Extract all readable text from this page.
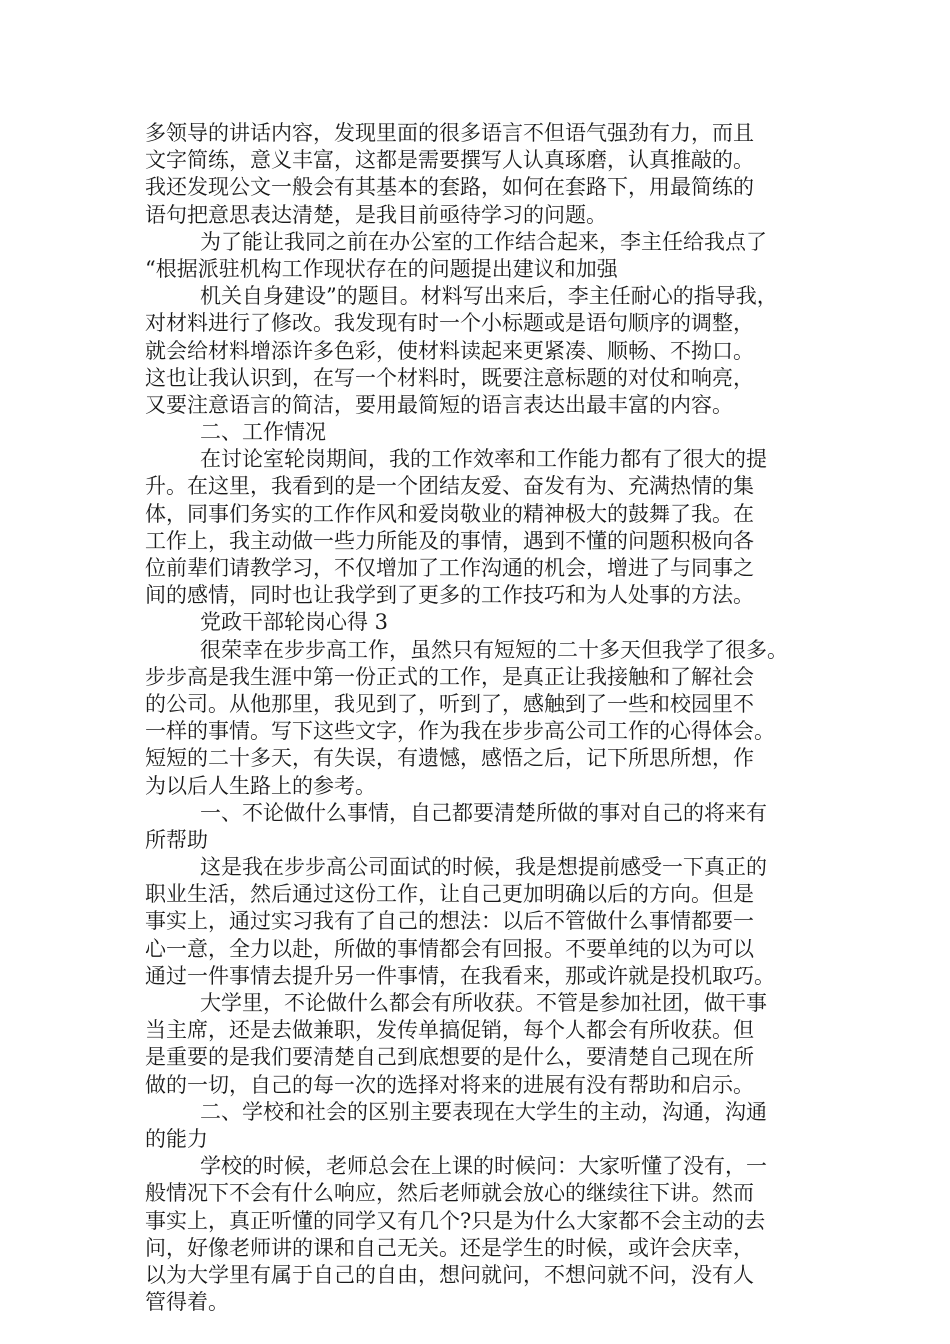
多领导的讲话内容，发现里面的很多语言不但语气强劲有力，而且
文字简练，意义丰富，这都是需要撰写人认真琢磨，认真推敲的。
我还发现公文一般会有其基本的套路，如何在套路下，用最简练的
语句把意思表达清楚，是我目前亟待学习的问题。
为了能让我同之前在办公室的工作结合起来，李主任给我点了
“根据派驻机构工作现状存在的问题提出建议和加强
机关自身建设”的题目。材料写出来后，李主任耐心的指导我，
对材料进行了修改。我发现有时一个小标题或是语句顺序的调整，
就会给材料增添许多色彩，使材料读起来更紧凑、顺畅、不拗口。
这也让我认识到，在写一个材料时，既要注意标题的对仗和响亮，
又要注意语言的简洁，要用最简短的语言表达出最丰富的内容。
二、工作情况
在讨论室轮岗期间，我的工作效率和工作能力都有了很大的提
升。在这里，我看到的是一个团结友爱、奋发有为、充满热情的集
体，同事们务实的工作作风和爱岗敬业的精神极大的鼓舞了我。在
工作上，我主动做一些力所能及的事情，遇到不懂的问题积极向各
位前辈们请教学习，不仅增加了工作沟通的机会，增进了与同事之
间的感情，同时也让我学到了更多的工作技巧和为人处事的方法。
党政干部轮岗心得 3
很荣幸在步步高工作，虽然只有短短的二十多天但我学了很多。
步步高是我生涯中第一份正式的工作，是真正让我接触和了解社会
的公司。从他那里，我见到了，听到了，感触到了一些和校园里不
一样的事情。写下这些文字，作为我在步步高公司工作的心得体会。
短短的二十多天，有失误，有遗憾，感悟之后，记下所思所想，作
为以后人生路上的参考。
一、不论做什么事情，自己都要清楚所做的事对自己的将来有
所帮助
这是我在步步高公司面试的时候，我是想提前感受一下真正的
职业生活，然后通过这份工作，让自己更加明确以后的方向。但是
事实上，通过实习我有了自己的想法：以后不管做什么事情都要一
心一意，全力以赴，所做的事情都会有回报。不要单纯的以为可以
通过一件事情去提升另一件事情，在我看来，那或许就是投机取巧。
大学里，不论做什么都会有所收获。不管是参加社团，做干事
当主席，还是去做兼职，发传单搞促销，每个人都会有所收获。但
是重要的是我们要清楚自己到底想要的是什么，要清楚自己现在所
做的一切，自己的每一次的选择对将来的进展有没有帮助和启示。
二、学校和社会的区别主要表现在大学生的主动，沟通，沟通
的能力
学校的时候，老师总会在上课的时候问：大家听懂了没有，一
般情况下不会有什么响应，然后老师就会放心的继续往下讲。然而
事实上，真正听懂的同学又有几个?只是为什么大家都不会主动的去
问，好像老师讲的课和自己无关。还是学生的时候，或许会庆幸，
以为大学里有属于自己的自由，想问就问，不想问就不问，没有人
管得着。
